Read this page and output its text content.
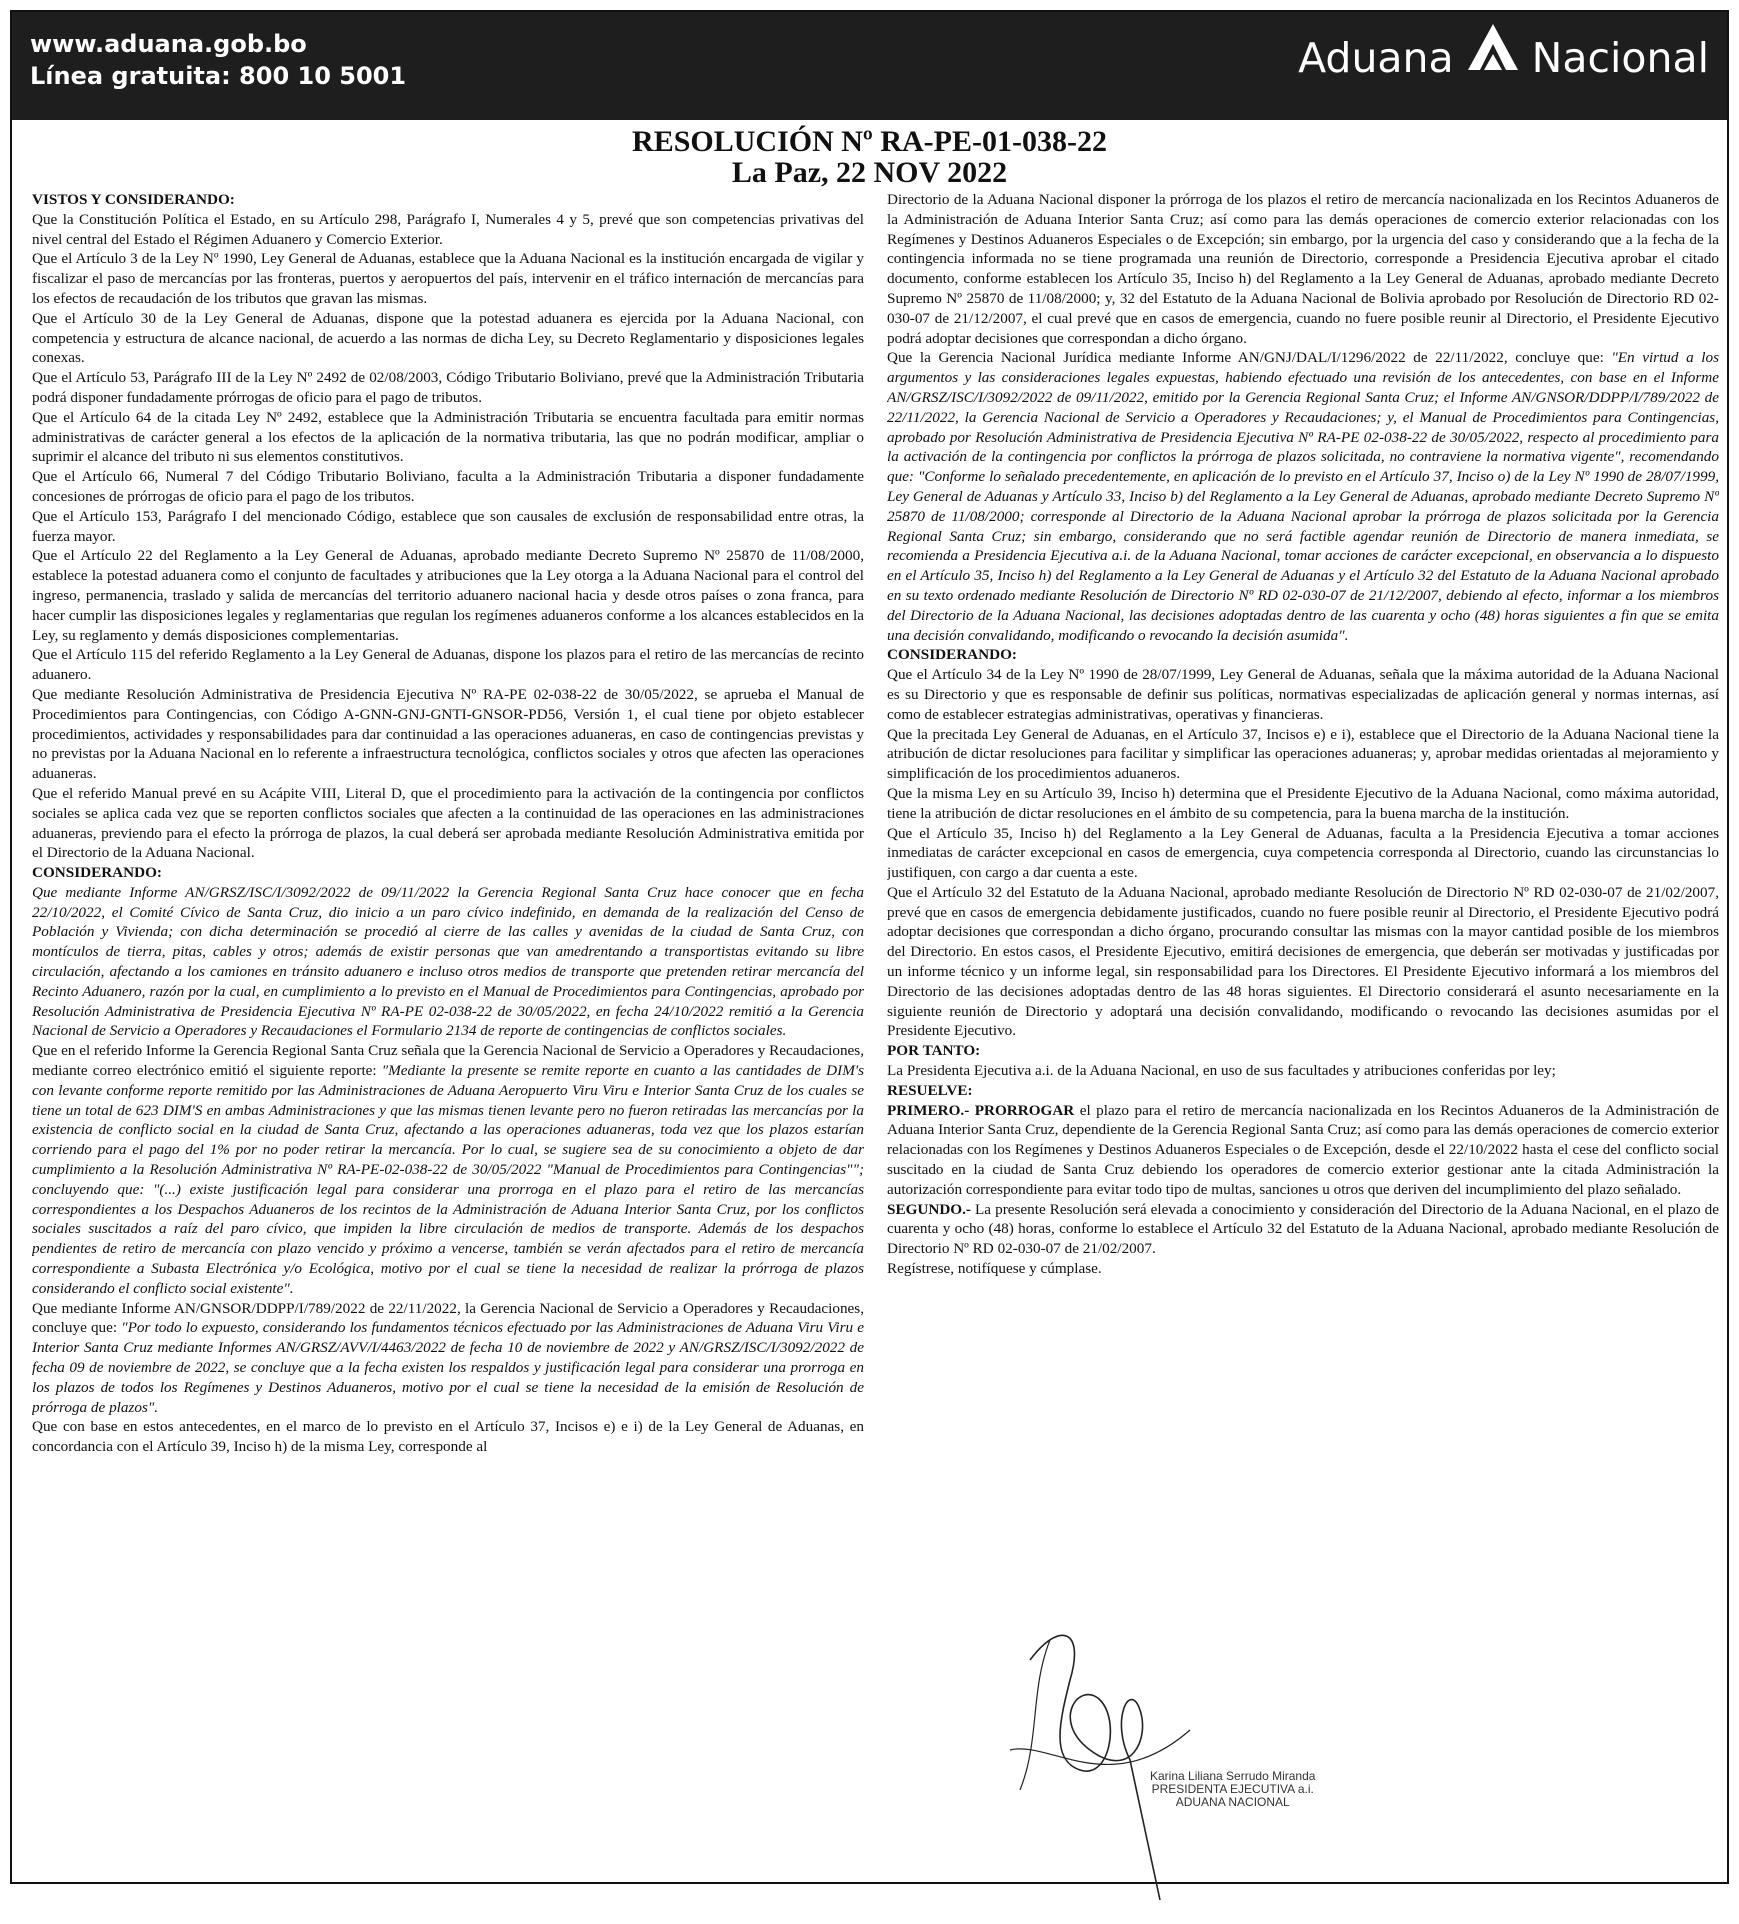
www.aduana.gob.bo
Línea gratuita: 800 10 5001	Aduana Nacional
RESOLUCIÓN Nº RA-PE-01-038-22
La Paz, 22 NOV 2022

VISTOS Y CONSIDERANDO:

Que la Constitución Política el Estado, en su Artículo 298, Parágrafo I, Numerales 4 y 5, prevé que son competencias privativas del nivel central del Estado el Régimen Aduanero y Comercio Exterior.

Que el Artículo 3 de la Ley Nº 1990, Ley General de Aduanas, establece que la Aduana Nacional es la institución encargada de vigilar y fiscalizar el paso de mercancías por las fronteras, puertos y aeropuertos del país, intervenir en el tráfico internación de mercancías para los efectos de recaudación de los tributos que gravan las mismas.

Que el Artículo 30 de la Ley General de Aduanas, dispone que la potestad aduanera es ejercida por la Aduana Nacional, con competencia y estructura de alcance nacional, de acuerdo a las normas de dicha Ley, su Decreto Reglamentario y disposiciones legales conexas.

Que el Artículo 53, Parágrafo III de la Ley Nº 2492 de 02/08/2003, Código Tributario Boliviano, prevé que la Administración Tributaria podrá disponer fundadamente prórrogas de oficio para el pago de tributos.

Que el Artículo 64 de la citada Ley Nº 2492, establece que la Administración Tributaria se encuentra facultada para emitir normas administrativas de carácter general a los efectos de la aplicación de la normativa tributaria, las que no podrán modificar, ampliar o suprimir el alcance del tributo ni sus elementos constitutivos.

Que el Artículo 66, Numeral 7 del Código Tributario Boliviano, faculta a la Administración Tributaria a disponer fundadamente concesiones de prórrogas de oficio para el pago de los tributos.

Que el Artículo 153, Parágrafo I del mencionado Código, establece que son causales de exclusión de responsabilidad entre otras, la fuerza mayor.

Que el Artículo 22 del Reglamento a la Ley General de Aduanas, aprobado mediante Decreto Supremo Nº 25870 de 11/08/2000, establece la potestad aduanera como el conjunto de facultades y atribuciones que la Ley otorga a la Aduana Nacional para el control del ingreso, permanencia, traslado y salida de mercancías del territorio aduanero nacional hacia y desde otros países o zona franca, para hacer cumplir las disposiciones legales y reglamentarias que regulan los regímenes aduaneros conforme a los alcances establecidos en la Ley, su reglamento y demás disposiciones complementarias.

Que el Artículo 115 del referido Reglamento a la Ley General de Aduanas, dispone los plazos para el retiro de las mercancías de recinto aduanero.

Que mediante Resolución Administrativa de Presidencia Ejecutiva Nº RA-PE 02-038-22 de 30/05/2022, se aprueba el Manual de Procedimientos para Contingencias, con Código A-GNN-GNJ-GNTI-GNSOR-PD56, Versión 1, el cual tiene por objeto establecer procedimientos, actividades y responsabilidades para dar continuidad a las operaciones aduaneras, en caso de contingencias previstas y no previstas por la Aduana Nacional en lo referente a infraestructura tecnológica, conflictos sociales y otros que afecten las operaciones aduaneras.

Que el referido Manual prevé en su Acápite VIII, Literal D, que el procedimiento para la activación de la contingencia por conflictos sociales se aplica cada vez que se reporten conflictos sociales que afecten a la continuidad de las operaciones en las administraciones aduaneras, previendo para el efecto la prórroga de plazos, la cual deberá ser aprobada mediante Resolución Administrativa emitida por el Directorio de la Aduana Nacional.

CONSIDERANDO:

Que mediante Informe AN/GRSZ/ISC/I/3092/2022 de 09/11/2022 la Gerencia Regional Santa Cruz hace conocer que en fecha 22/10/2022, el Comité Cívico de Santa Cruz, dio inicio a un paro cívico indefinido, en demanda de la realización del Censo de Población y Vivienda; con dicha determinación se procedió al cierre de las calles y avenidas de la ciudad de Santa Cruz, con montículos de tierra, pitas, cables y otros; además de existir personas que van amedrentando a transportistas evitando su libre circulación, afectando a los camiones en tránsito aduanero e incluso otros medios de transporte que pretenden retirar mercancía del Recinto Aduanero, razón por la cual, en cumplimiento a lo previsto en el Manual de Procedimientos para Contingencias, aprobado por Resolución Administrativa de Presidencia Ejecutiva Nº RA-PE 02-038-22 de 30/05/2022, en fecha 24/10/2022 remitió a la Gerencia Nacional de Servicio a Operadores y Recaudaciones el Formulario 2134 de reporte de contingencias de conflictos sociales.

Que en el referido Informe la Gerencia Regional Santa Cruz señala que la Gerencia Nacional de Servicio a Operadores y Recaudaciones, mediante correo electrónico emitió el siguiente reporte: "Mediante la presente se remite reporte en cuanto a las cantidades de DIM's con levante conforme reporte remitido por las Administraciones de Aduana Aeropuerto Viru Viru e Interior Santa Cruz de los cuales se tiene un total de 623 DIM'S en ambas Administraciones y que las mismas tienen levante pero no fueron retiradas las mercancías por la existencia de conflicto social en la ciudad de Santa Cruz, afectando a las operaciones aduaneras, toda vez que los plazos estarían corriendo para el pago del 1% por no poder retirar la mercancía. Por lo cual, se sugiere sea de su conocimiento a objeto de dar cumplimiento a la Resolución Administrativa Nº RA-PE-02-038-22 de 30/05/2022 "Manual de Procedimientos para Contingencias""; concluyendo que: "(...) existe justificación legal para considerar una prorroga en el plazo para el retiro de las mercancías correspondientes a los Despachos Aduaneros de los recintos de la Administración de Aduana Interior Santa Cruz, por los conflictos sociales suscitados a raíz del paro cívico, que impiden la libre circulación de medios de transporte. Además de los despachos pendientes de retiro de mercancía con plazo vencido y próximo a vencerse, también se verán afectados para el retiro de mercancía correspondiente a Subasta Electrónica y/o Ecológica, motivo por el cual se tiene la necesidad de realizar la prórroga de plazos considerando el conflicto social existente".

Que mediante Informe AN/GNSOR/DDPP/I/789/2022 de 22/11/2022, la Gerencia Nacional de Servicio a Operadores y Recaudaciones, concluye que: "Por todo lo expuesto, considerando los fundamentos técnicos efectuado por las Administraciones de Aduana Viru Viru e Interior Santa Cruz mediante Informes AN/GRSZ/AVV/I/4463/2022 de fecha 10 de noviembre de 2022 y AN/GRSZ/ISC/I/3092/2022 de fecha 09 de noviembre de 2022, se concluye que a la fecha existen los respaldos y justificación legal para considerar una prorroga en los plazos de todos los Regímenes y Destinos Aduaneros, motivo por el cual se tiene la necesidad de la emisión de Resolución de prórroga de plazos".

Que con base en estos antecedentes, en el marco de lo previsto en el Artículo 37, Incisos e) e i) de la Ley General de Aduanas, en concordancia con el Artículo 39, Inciso h) de la misma Ley, corresponde al

Directorio de la Aduana Nacional disponer la prórroga de los plazos el retiro de mercancía nacionalizada en los Recintos Aduaneros de la Administración de Aduana Interior Santa Cruz; así como para las demás operaciones de comercio exterior relacionadas con los Regímenes y Destinos Aduaneros Especiales o de Excepción; sin embargo, por la urgencia del caso y considerando que a la fecha de la contingencia informada no se tiene programada una reunión de Directorio, corresponde a Presidencia Ejecutiva aprobar el citado documento, conforme establecen los Artículo 35, Inciso h) del Reglamento a la Ley General de Aduanas, aprobado mediante Decreto Supremo Nº 25870 de 11/08/2000; y, 32 del Estatuto de la Aduana Nacional de Bolivia aprobado por Resolución de Directorio RD 02-030-07 de 21/12/2007, el cual prevé que en casos de emergencia, cuando no fuere posible reunir al Directorio, el Presidente Ejecutivo podrá adoptar decisiones que correspondan a dicho órgano.

Que la Gerencia Nacional Jurídica mediante Informe AN/GNJ/DAL/I/1296/2022 de 22/11/2022, concluye que: "En virtud a los argumentos y las consideraciones legales expuestas, habiendo efectuado una revisión de los antecedentes, con base en el Informe AN/GRSZ/ISC/I/3092/2022 de 09/11/2022, emitido por la Gerencia Regional Santa Cruz; el Informe AN/GNSOR/DDPP/I/789/2022 de 22/11/2022, la Gerencia Nacional de Servicio a Operadores y Recaudaciones; y, el Manual de Procedimientos para Contingencias, aprobado por Resolución Administrativa de Presidencia Ejecutiva Nº RA-PE 02-038-22 de 30/05/2022, respecto al procedimiento para la activación de la contingencia por conflictos la prórroga de plazos solicitada, no contraviene la normativa vigente", recomendando que: "Conforme lo señalado precedentemente, en aplicación de lo previsto en el Artículo 37, Inciso o) de la Ley Nº 1990 de 28/07/1999, Ley General de Aduanas y Artículo 33, Inciso b) del Reglamento a la Ley General de Aduanas, aprobado mediante Decreto Supremo Nº 25870 de 11/08/2000; corresponde al Directorio de la Aduana Nacional aprobar la prórroga de plazos solicitada por la Gerencia Regional Santa Cruz; sin embargo, considerando que no será factible agendar reunión de Directorio de manera inmediata, se recomienda a Presidencia Ejecutiva a.i. de la Aduana Nacional, tomar acciones de carácter excepcional, en observancia a lo dispuesto en el Artículo 35, Inciso h) del Reglamento a la Ley General de Aduanas y el Artículo 32 del Estatuto de la Aduana Nacional aprobado en su texto ordenado mediante Resolución de Directorio Nº RD 02-030-07 de 21/12/2007, debiendo al efecto, informar a los miembros del Directorio de la Aduana Nacional, las decisiones adoptadas dentro de las cuarenta y ocho (48) horas siguientes a fin que se emita una decisión convalidando, modificando o revocando la decisión asumida".

CONSIDERANDO:

Que el Artículo 34 de la Ley Nº 1990 de 28/07/1999, Ley General de Aduanas, señala que la máxima autoridad de la Aduana Nacional es su Directorio y que es responsable de definir sus políticas, normativas especializadas de aplicación general y normas internas, así como de establecer estrategias administrativas, operativas y financieras.

Que la precitada Ley General de Aduanas, en el Artículo 37, Incisos e) e i), establece que el Directorio de la Aduana Nacional tiene la atribución de dictar resoluciones para facilitar y simplificar las operaciones aduaneras; y, aprobar medidas orientadas al mejoramiento y simplificación de los procedimientos aduaneros.

Que la misma Ley en su Artículo 39, Inciso h) determina que el Presidente Ejecutivo de la Aduana Nacional, como máxima autoridad, tiene la atribución de dictar resoluciones en el ámbito de su competencia, para la buena marcha de la institución.

Que el Artículo 35, Inciso h) del Reglamento a la Ley General de Aduanas, faculta a la Presidencia Ejecutiva a tomar acciones inmediatas de carácter excepcional en casos de emergencia, cuya competencia corresponda al Directorio, cuando las circunstancias lo justifiquen, con cargo a dar cuenta a este.

Que el Artículo 32 del Estatuto de la Aduana Nacional, aprobado mediante Resolución de Directorio Nº RD 02-030-07 de 21/02/2007, prevé que en casos de emergencia debidamente justificados, cuando no fuere posible reunir al Directorio, el Presidente Ejecutivo podrá adoptar decisiones que correspondan a dicho órgano, procurando consultar las mismas con la mayor cantidad posible de los miembros del Directorio. En estos casos, el Presidente Ejecutivo, emitirá decisiones de emergencia, que deberán ser motivadas y justificadas por un informe técnico y un informe legal, sin responsabilidad para los Directores. El Presidente Ejecutivo informará a los miembros del Directorio de las decisiones adoptadas dentro de las 48 horas siguientes. El Directorio considerará el asunto necesariamente en la siguiente reunión de Directorio y adoptará una decisión convalidando, modificando o revocando las decisiones asumidas por el Presidente Ejecutivo.

POR TANTO:

La Presidenta Ejecutiva a.i. de la Aduana Nacional, en uso de sus facultades y atribuciones conferidas por ley;

RESUELVE:

PRIMERO.- PRORROGAR el plazo para el retiro de mercancía nacionalizada en los Recintos Aduaneros de la Administración de Aduana Interior Santa Cruz, dependiente de la Gerencia Regional Santa Cruz; así como para las demás operaciones de comercio exterior relacionadas con los Regímenes y Destinos Aduaneros Especiales o de Excepción, desde el 22/10/2022 hasta el cese del conflicto social suscitado en la ciudad de Santa Cruz debiendo los operadores de comercio exterior gestionar ante la citada Administración la autorización correspondiente para evitar todo tipo de multas, sanciones u otros que deriven del incumplimiento del plazo señalado.

SEGUNDO.- La presente Resolución será elevada a conocimiento y consideración del Directorio de la Aduana Nacional, en el plazo de cuarenta y ocho (48) horas, conforme lo establece el Artículo 32 del Estatuto de la Aduana Nacional, aprobado mediante Resolución de Directorio Nº RD 02-030-07 de 21/02/2007.

Regístrese, notifíquese y cúmplase.

Karina Liliana Serrudo Miranda
PRESIDENTA EJECUTIVA a.i.
ADUANA NACIONAL
